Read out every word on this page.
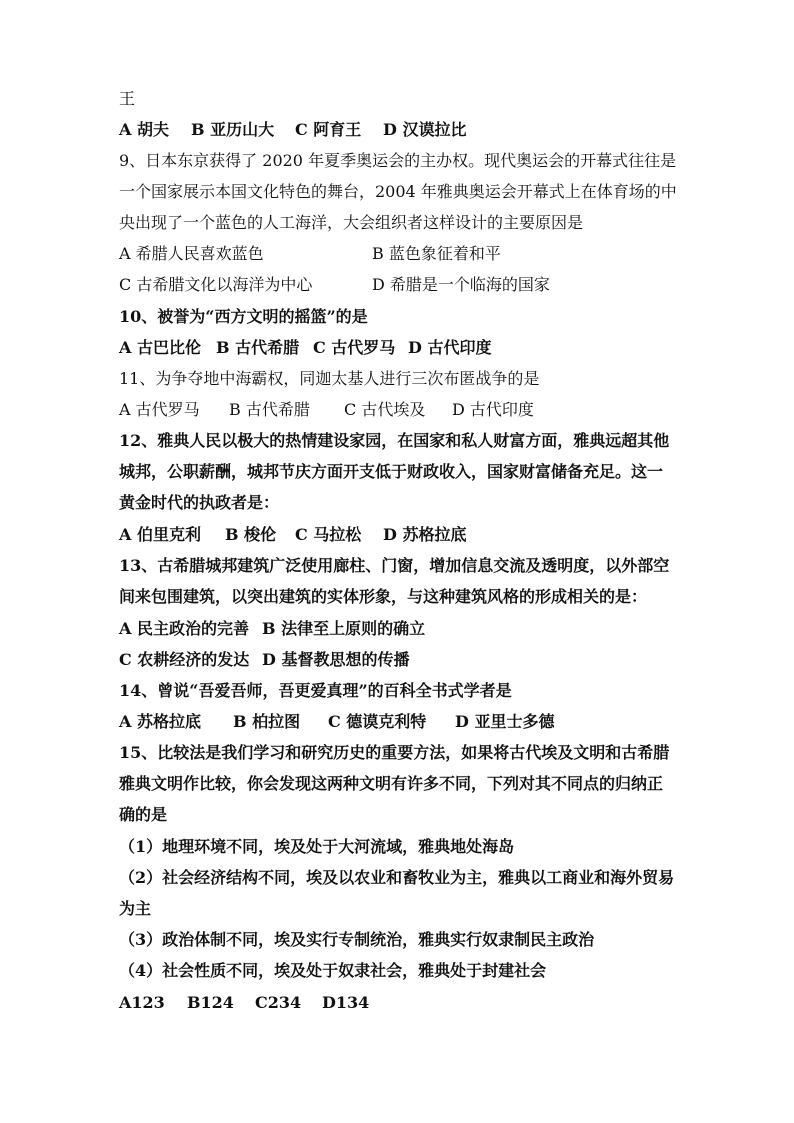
王
A 胡夫 B 亚历山大 C 阿育王 D 汉谟拉比
9、日本东京获得了 2020 年夏季奥运会的主办权。现代奥运会的开幕式往往是
一个国家展示本国文化特色的舞台，2004 年雅典奥运会开幕式上在体育场的中
央出现了一个蓝色的人工海洋，大会组织者这样设计的主要原因是
A 希腊人民喜欢蓝色	B 蓝色象征着和平
C 古希腊文化以海洋为中心	D 希腊是一个临海的国家
10、被誉为“西方文明的摇篮”的是
A 古巴比伦 B 古代希腊 C 古代罗马 D 古代印度
11、为争夺地中海霸权，同迦太基人进行三次布匿战争的是
A 古代罗马 B 古代希腊 C 古代埃及 D 古代印度
12、雅典人民以极大的热情建设家园，在国家和私人财富方面，雅典远超其他
城邦，公职薪酬，城邦节庆方面开支低于财政收入，国家财富储备充足。这一
黄金时代的执政者是：
A 伯里克利 B 梭伦 C 马拉松 D 苏格拉底
13、古希腊城邦建筑广泛使用廊柱、门窗，增加信息交流及透明度，以外部空
间来包围建筑，以突出建筑的实体形象，与这种建筑风格的形成相关的是：
A 民主政治的完善 B 法律至上原则的确立
C 农耕经济的发达 D 基督教思想的传播
14、曾说“吾爱吾师，吾更爱真理”的百科全书式学者是
A 苏格拉底 B 柏拉图 C 德谟克利特 D 亚里士多德
15、比较法是我们学习和研究历史的重要方法，如果将古代埃及文明和古希腊
雅典文明作比较，你会发现这两种文明有许多不同，下列对其不同点的归纳正
确的是
（1）地理环境不同，埃及处于大河流域，雅典地处海岛
（2）社会经济结构不同，埃及以农业和畜牧业为主，雅典以工商业和海外贸易
为主
（3）政治体制不同，埃及实行专制统治，雅典实行奴隶制民主政治
（4）社会性质不同，埃及处于奴隶社会，雅典处于封建社会
A123 B124 C234 D134
